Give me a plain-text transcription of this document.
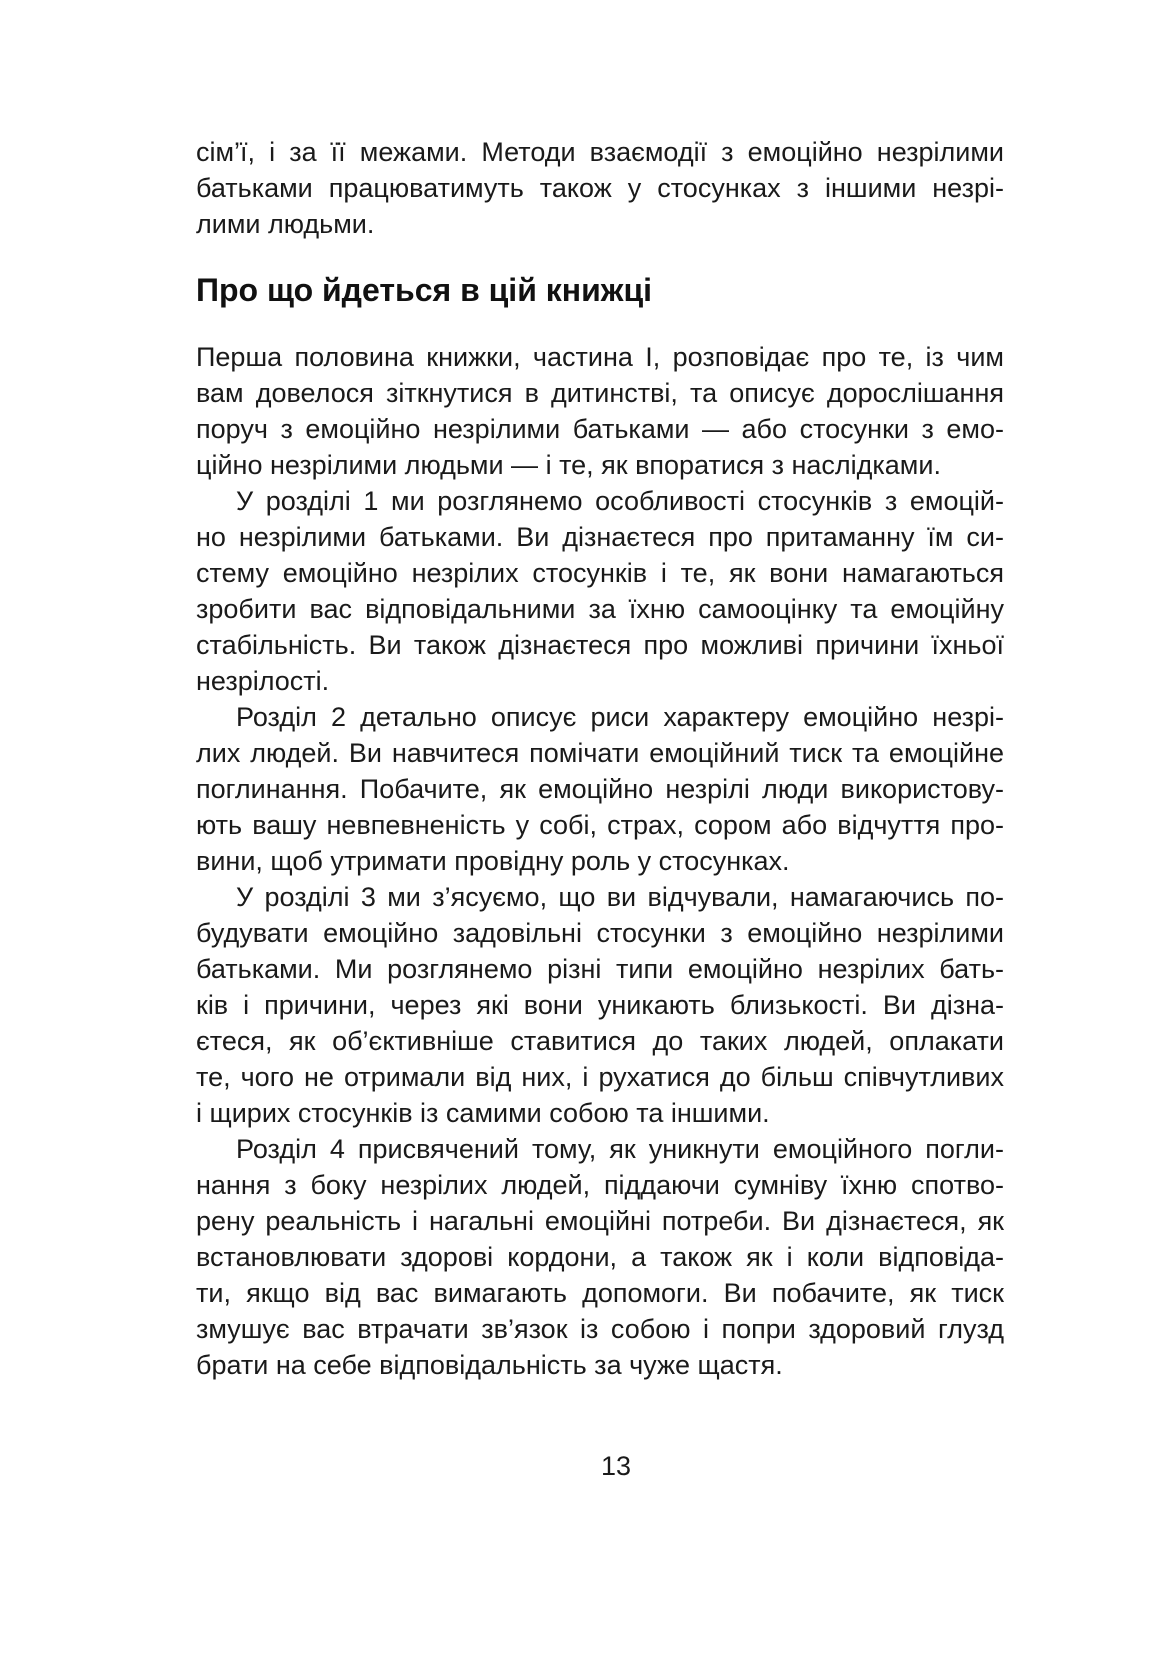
сім’ї, і за її межами. Методи взаємодії з емоційно незрілими
батьками працюватимуть також у стосунках з іншими незрі-
лими людьми.
Про що йдеться в цій книжці
Перша половина книжки, частина І, розповідає про те, із чим
вам довелося зіткнутися в дитинстві, та описує дорослішання
поруч з емоційно незрілими батьками — або стосунки з емо-
ційно незрілими людьми — і те, як впоратися з наслідками.
У розділі 1 ми розглянемо особливості стосунків з емоцій-
но незрілими батьками. Ви дізнаєтеся про притаманну їм си-
стему емоційно незрілих стосунків і те, як вони намагаються
зробити вас відповідальними за їхню самооцінку та емоційну
стабільність. Ви також дізнаєтеся про можливі причини їхньої
незрілості.
Розділ 2 детально описує риси характеру емоційно незрі-
лих людей. Ви навчитеся помічати емоційний тиск та емоційне
поглинання. Побачите, як емоційно незрілі люди використову-
ють вашу невпевненість у собі, страх, сором або відчуття про-
вини, щоб утримати провідну роль у стосунках.
У розділі 3 ми з’ясуємо, що ви відчували, намагаючись по-
будувати емоційно задовільні стосунки з емоційно незрілими
батьками. Ми розглянемо різні типи емоційно незрілих бать-
ків і причини, через які вони уникають близькості. Ви дізна-
єтеся, як об’єктивніше ставитися до таких людей, оплакати
те, чого не отримали від них, і рухатися до більш співчутливих
і щирих стосунків із самими собою та іншими.
Розділ 4 присвячений тому, як уникнути емоційного погли-
нання з боку незрілих людей, піддаючи сумніву їхню спотво-
рену реальність і нагальні емоційні потреби. Ви дізнаєтеся, як
встановлювати здорові кордони, а також як і коли відповіда-
ти, якщо від вас вимагають допомоги. Ви побачите, як тиск
змушує вас втрачати зв’язок із собою і попри здоровий глузд
брати на себе відповідальність за чуже щастя.
13
